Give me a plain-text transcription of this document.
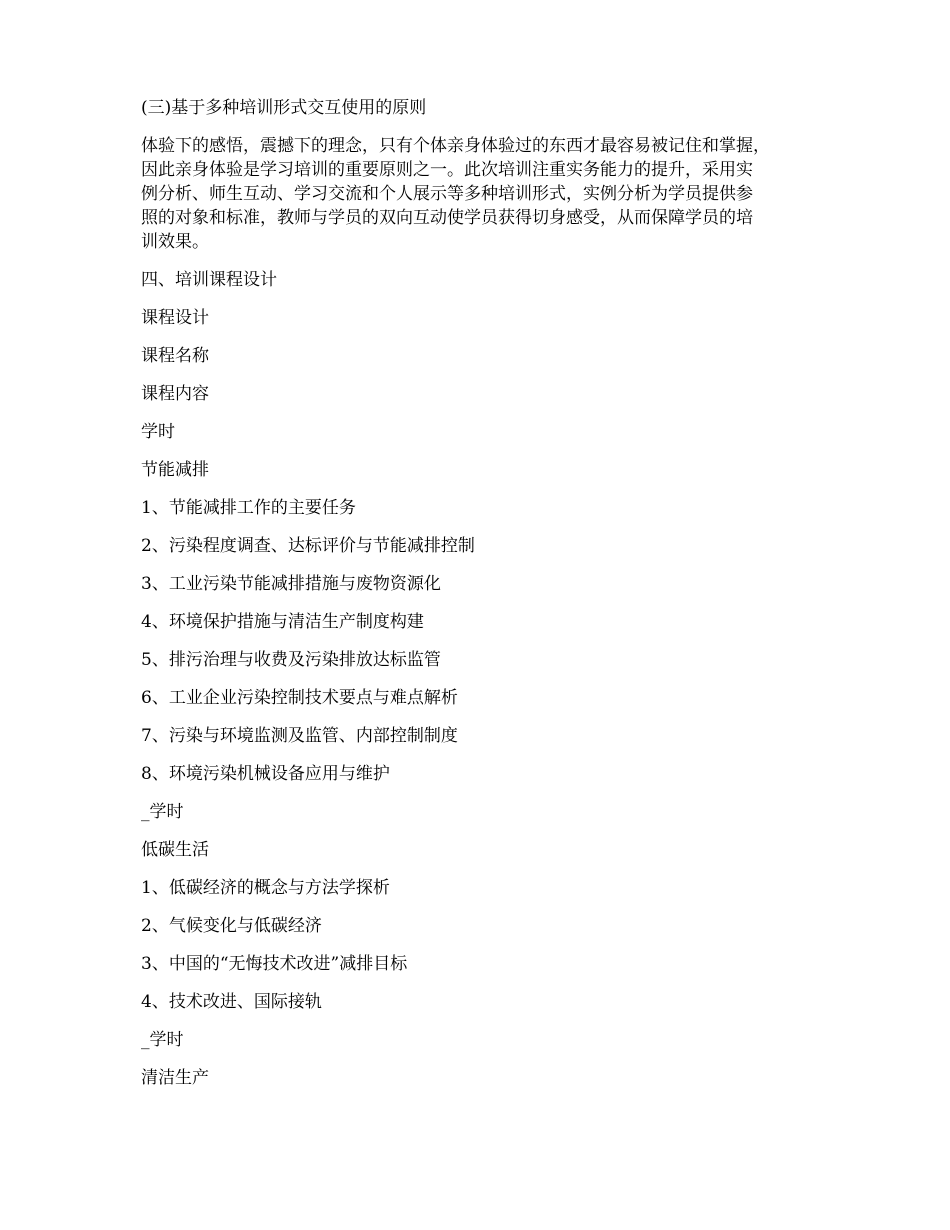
(三)基于多种培训形式交互使用的原则
体验下的感悟，震撼下的理念，只有个体亲身体验过的东西才最容易被记住和掌握，
因此亲身体验是学习培训的重要原则之一。此次培训注重实务能力的提升，采用实
例分析、师生互动、学习交流和个人展示等多种培训形式，实例分析为学员提供参
照的对象和标准，教师与学员的双向互动使学员获得切身感受，从而保障学员的培
训效果。
四、培训课程设计
课程设计
课程名称
课程内容
学时
节能减排
1、节能减排工作的主要任务
2、污染程度调查、达标评价与节能减排控制
3、工业污染节能减排措施与废物资源化
4、环境保护措施与清洁生产制度构建
5、排污治理与收费及污染排放达标监管
6、工业企业污染控制技术要点与难点解析
7、污染与环境监测及监管、内部控制制度
8、环境污染机械设备应用与维护
_学时
低碳生活
1、低碳经济的概念与方法学探析
2、气候变化与低碳经济
3、中国的“无悔技术改进”减排目标
4、技术改进、国际接轨
_学时
清洁生产
